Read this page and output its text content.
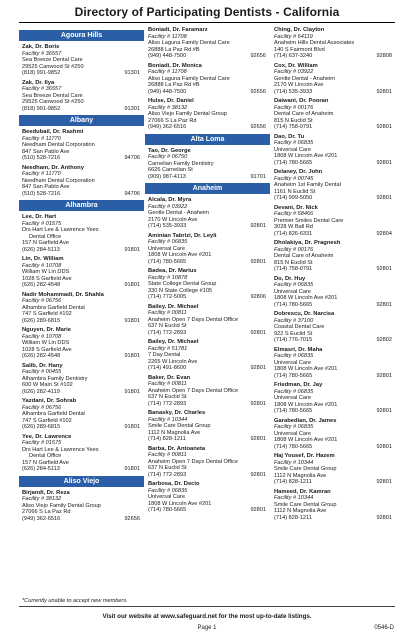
Directory of Participating Dentists - California
Agoura Hills
Zak, Dr. Boris
Facility # 36557
Sea Breeze Dental Care
29525 Canwood St #250
(818) 991-9852	91301
Zak, Dr. Ilya
Facility # 36557
Sea Breeze Dental Care
29525 Canwood St #250
(818) 991-9852	91301
Albany
Beedubail, Dr. Rashmi
Facility # 11770
Needham Dental Corporation
847 San Pablo Ave
(510) 528-7216	94706
Needham, Dr. Anthony
Facility # 11770
Needham Dental Corporation
847 San Pablo Ave
(510) 528-7216	94706
Alhambra
Lee, Dr. Hart
Facility # 01575
Drs Hart Lee & Lawrence Yees
Dental Office
157 N Garfield Ave
(626) 284-5113	91801
Lin, Dr. William
Facility # 10708
William W Lin DDS
1028 S Garfield Ave
(626) 282-4548	91801
Nadir Mohammadi, Dr. Shahla
Facility # 06756
Alhambra Garfield Dental
747 S Garfield #102
(626) 289-6815	91801
Nguyen, Dr. Marie
Facility # 10708
William W Lin DDS
1028 S Garfield Ave
(626) 282-4548	91801
Salib, Dr. Hany
Facility # 00455
Alhambra Family Dentistry
600 W Main St #102
(626) 282-4119	91801
Yazdani, Dr. Sohrab
Facility # 06756
Alhambra Garfield Dental
747 S Garfield #102
(626) 289-6815	91801
Yee, Dr. Lawrence
Facility # 01575
Drs Hart Lee & Lawrence Yees
Dental Office
157 N Garfield Ave
(626) 284-5113	91801
Aliso Viejo
Birjandi, Dr. Reza
Facility # 38132
Aliso Viejo Family Dental Group
27066 S La Paz Rd
(949) 362-6516	92656
Boniadi, Dr. Faramarz
Facility # 11708
Aliso Laguna Family Dental Care
26888 La Paz Rd #B
(949) 448-7500	92656
Boniadi, Dr. Monica
Facility # 11708
Aliso Laguna Family Dental Care
26888 La Paz Rd #B
(949) 448-7500	92656
Hulse, Dr. Daniel
Facility # 38132
Aliso Viejo Family Dental Group
27066 S La Paz Rd
(949) 362-6516	92656
Alta Loma
Tao, Dr. George
Facility # 06750
Carnelian Family Dentistry
6626 Carnelian St
(909) 987-4113	91701
Anaheim
Alcala, Dr. Myra
Facility # 03922
Gentle Dental - Anaheim
2170 W Lincoln Ave
(714) 535-3933	92801
Aminian Tabrizi, Dr. Leyli
Facility # 06835
Universal Care
1808 W Lincoln Ave #201
(714) 780-5665	92801
Badea, Dr. Marius
Facility # 10878
State College Dental Group
330 N State College #105
(714) 772-5005	92806
Bailey, Dr. Michael
Facility # 00811
Anaheim Open 7 Days Dental Office
637 N Euclid St
(714) 772-2893	92801
Bailey, Dr. Michael
Facility # 51781
7 Day Dental
2265 W Lincoln Ave
(714) 491-8600	92801
Baker, Dr. Evan
Facility # 00811
Anaheim Open 7 Days Dental Office
637 N Euclid St
(714) 772-2893	92801
Banasky, Dr. Charles
Facility # 10344
Smile Care Dental Group
1112 N Magnolia Ave
(714) 828-1211	92801
Barba, Dr. Antoaneta
Facility # 00811
Anaheim Open 7 Days Dental Office
637 N Euclid St
(714) 772-2893	92801
Barbosa, Dr. Decio
Facility # 06835
Universal Care
1808 W Lincoln Ave #201
(714) 780-5665	92801
Ching, Dr. Clayton
Facility # 64119
Anaheim Hills Dental Associates
140 S Fairmont Blvd
(714) 637-3240	92808
Cox, Dr. William
Facility # 03922
Gentle Dental - Anaheim
2170 W Lincoln Ave
(714) 535-3933	92801
Daiwani, Dr. Pooran
Facility # 00176
Dental Care of Anaheim
815 N Euclid St
(714) 758-0791	92801
Dao, Dr. Tu
Facility # 06835
Universal Care
1808 W Lincoln Ave #201
(714) 780-5665	92801
Delaney, Dr. John
Facility # 00745
Anaheim 1st Family Dental
1161 N Euclid St
(714) 999-5050	92801
Devani, Dr. Nick
Facility # 58466
Premier Smiles Dental Care
3028 W Ball Rd
(714) 826-6331	92804
Dholakiya, Dr. Pragnesh
Facility # 00176
Dental Care of Anaheim
815 N Euclid St
(714) 758-0791	92801
Do, Dr. Huy
Facility # 06835
Universal Care
1808 W Lincoln Ave #201
(714) 780-5665	92801
Dobrescu, Dr. Narcisa
Facility # 37100
Coastal Dental Care
922 S Euclid St
(714) 776-7015	92802
Elmasri, Dr. Maha
Facility # 06835
Universal Care
1808 W Lincoln Ave #201
(714) 780-5665	92801
Friedman, Dr. Jay
Facility # 06835
Universal Care
1808 W Lincoln Ave #201
(714) 780-5665	92801
Garabedian, Dr. James
Facility # 06835
Universal Care
1808 W Lincoln Ave #201
(714) 780-5665	92801
Haj Yousef, Dr. Hazem
Facility # 10344
Smile Care Dental Group
1112 N Magnolia Ave
(714) 828-1211	92801
Hameed, Dr. Kamran
Facility # 10344
Smile Care Dental Group
1112 N Magnolia Ave
(714) 828-1211	92801
*Currently unable to accept new members.
Visit our website at www.safeguard.net for the most up-to-date listings.
Page 1	0546-D
